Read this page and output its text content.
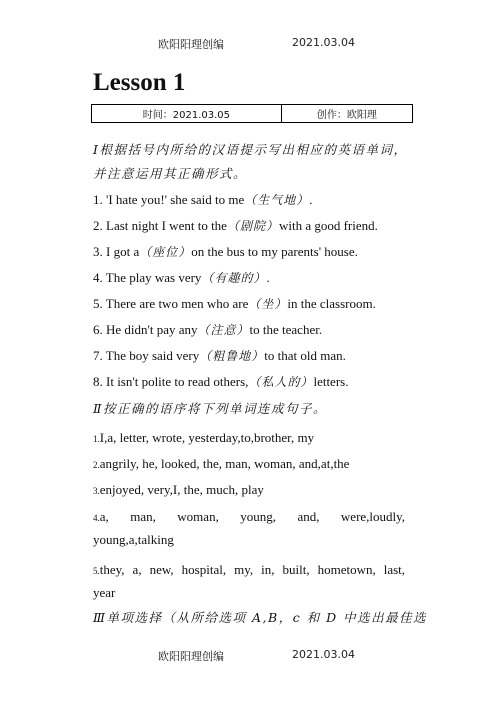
欧阳阳理创编	2021.03.04
Lesson 1
时间：2021.03.05	创作：欧阳理
Ⅰ根据括号内所给的汉语提示写出相应的英语单词，
并注意运用其正确形式。
1. 'I hate you!' she said to me（生气地）.
2. Last night I went to the（剧院）with a good friend.
3. I got a（座位）on the bus to my parents' house.
4. The play was very（有趣的）.
5. There are two men who are（坐）in the classroom.
6. He didn't pay any（注意）to the teacher.
7. The boy said very（粗鲁地）to that old man.
8. It isn't polite to read others,（私人的）letters.
Ⅱ按正确的语序将下列单词连成句子。
1.I,a, letter, wrote, yesterday,to,brother, my
2.angrily, he, looked, the, man, woman, and,at,the
3.enjoyed, very,I, the, much, play
4.a, man, woman, young, and, were,loudly,
young,a,talking
5.they, a, new, hospital, my, in, built, hometown, last,
year
Ⅲ单项选择（从所给选项 A,B，c 和 D 中选出最佳选
欧阳阳理创编	2021.03.04
